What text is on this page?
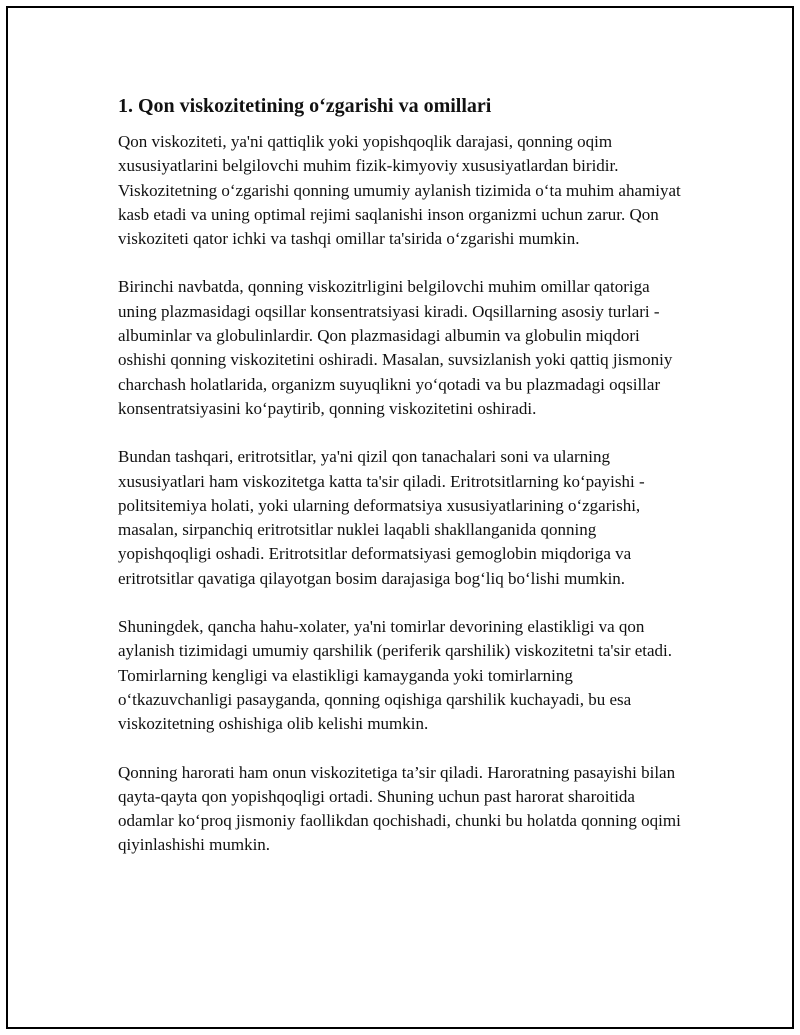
1. Qon viskozitetining o‘zgarishi va omillari

Qon viskoziteti, ya'ni qattiqlik yoki yopishqoqlik darajasi, qonning oqim xususiyatlarini belgilovchi muhim fizik-kimyoviy xususiyatlardan biridir. Viskozitetning o‘zgarishi qonning umumiy aylanish tizimida o‘ta muhim ahamiyat kasb etadi va uning optimal rejimi saqlanishi inson organizmi uchun zarur. Qon viskoziteti qator ichki va tashqi omillar ta'sirida o‘zgarishi mumkin.

Birinchi navbatda, qonning viskozitrligini belgilovchi muhim omillar qatoriga uning plazmasidagi oqsillar konsentratsiyasi kiradi. Oqsillarning asosiy turlari - albuminlar va globulinlardir. Qon plazmasidagi albumin va globulin miqdori oshishi qonning viskozitetini oshiradi. Masalan, suvsizlanish yoki qattiq jismoniy charchash holatlarida, organizm suyuqlikni yo‘qotadi va bu plazmadagi oqsillar konsentratsiyasini ko‘paytirib, qonning viskozitetini oshiradi.

Bundan tashqari, eritrotsitlar, ya'ni qizil qon tanachalari soni va ularning xususiyatlari ham viskozitetga katta ta'sir qiladi. Eritrotsitlarning ko‘payishi - politsitemiya holati, yoki ularning deformatsiya xususiyatlarining o‘zgarishi, masalan, sirpanchiq eritrotsitlar nuklei laqabli shakllanganida qonning yopishqoqligi oshadi. Eritrotsitlar deformatsiyasi gemoglobin miqdoriga va eritrotsitlar qavatiga qilayotgan bosim darajasiga bog‘liq bo‘lishi mumkin.

Shuningdek, qancha hahu-xolater, ya'ni tomirlar devorining elastikligi va qon aylanish tizimidagi umumiy qarshilik (periferik qarshilik) viskozitetni ta'sir etadi. Tomirlarning kengligi va elastikligi kamayganda yoki tomirlarning o‘tkazuvchanligi pasayganda, qonning oqishiga qarshilik kuchayadi, bu esa viskozitetning oshishiga olib kelishi mumkin.

Qonning harorati ham onun viskozitetiga ta’sir qiladi. Haroratning pasayishi bilan qayta-qayta qon yopishqoqligi ortadi. Shuning uchun past harorat sharoitida odamlar ko‘proq jismoniy faollikdan qochishadi, chunki bu holatda qonning oqimi qiyinlashishi mumkin.
